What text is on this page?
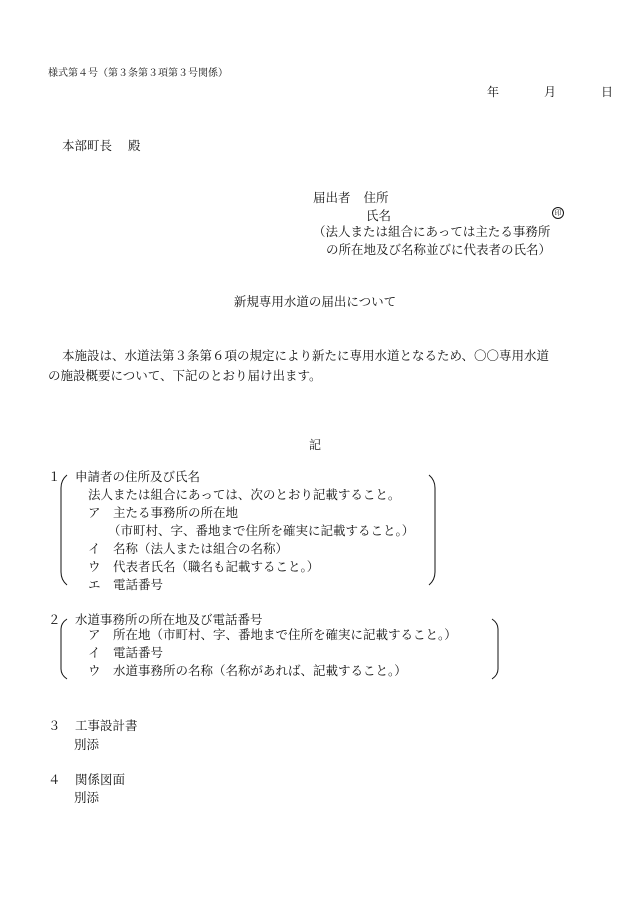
様式第４号（第３条第３項第３号関係）
年	月	日
本部町長 殿
届出者 住所
氏名	印
（法人または組合にあっては主たる事務所
の所在地及び名称並びに代表者の氏名）
新規専用水道の届出について
本施設は、水道法第３条第６項の規定により新たに専用水道となるため、〇〇専用水道
の施設概要について、下記のとおり届け出ます。
記
１ 申請者の住所及び氏名
法人または組合にあっては、次のとおり記載すること。
ア　主たる事務所の所在地
（市町村、字、番地まで住所を確実に記載すること。）
イ　名称（法人または組合の名称）
ウ　代表者氏名（職名も記載すること。）
エ　電話番号
２ 水道事務所の所在地及び電話番号
ア　所在地（市町村、字、番地まで住所を確実に記載すること。）
イ　電話番号
ウ　水道事務所の名称（名称があれば、記載すること。）
３ 工事設計書
別添
４ 関係図面
別添
